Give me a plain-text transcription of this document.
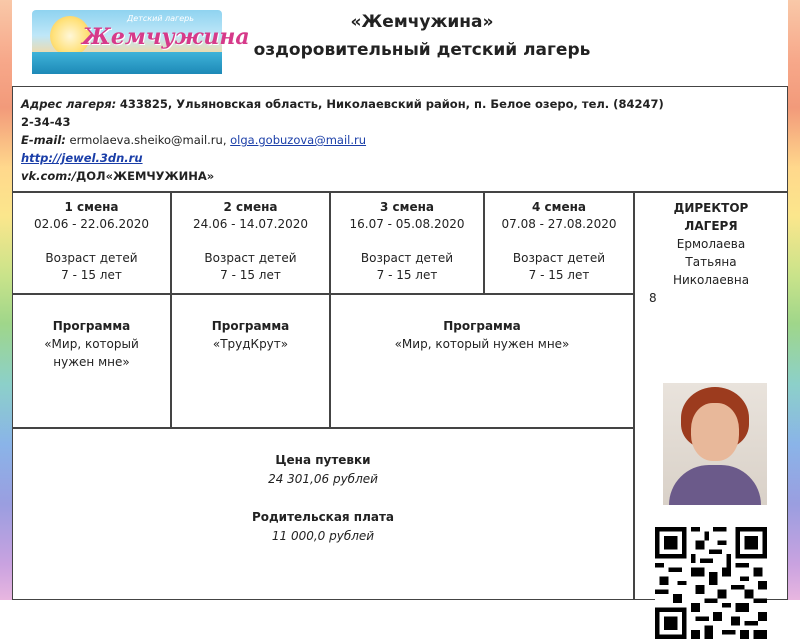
Детский лагерь
Жемчужина
«Жемчужина»
оздоровительный детский лагерь
Адрес лагеря: 433825, Ульяновская область, Николаевский район, п. Белое озеро, тел. (84247)
2-34-43
E-mail: ermolaeva.sheiko@mail.ru, olga.gobuzova@mail.ru
http://jewel.3dn.ru
vk.com:/ДОЛ«ЖЕМЧУЖИНА»
1 смена
02.06 - 22.06.2020
Возраст детей
7 - 15 лет
2 смена
24.06 - 14.07.2020
Возраст детей
7 - 15 лет
3 смена
16.07 - 05.08.2020
Возраст детей
7 - 15 лет
4 смена
07.08 - 27.08.2020
Возраст детей
7 - 15 лет
Программа
«Мир, который
нужен мне»
Программа
«ТрудКрут»
Программа
«Мир, который нужен мне»
Цена путевки
24 301,06 рублей
Родительская плата
11 000,0 рублей
ДИРЕКТОР
ЛАГЕРЯ
Ермолаева
Татьяна
Николаевна
8
